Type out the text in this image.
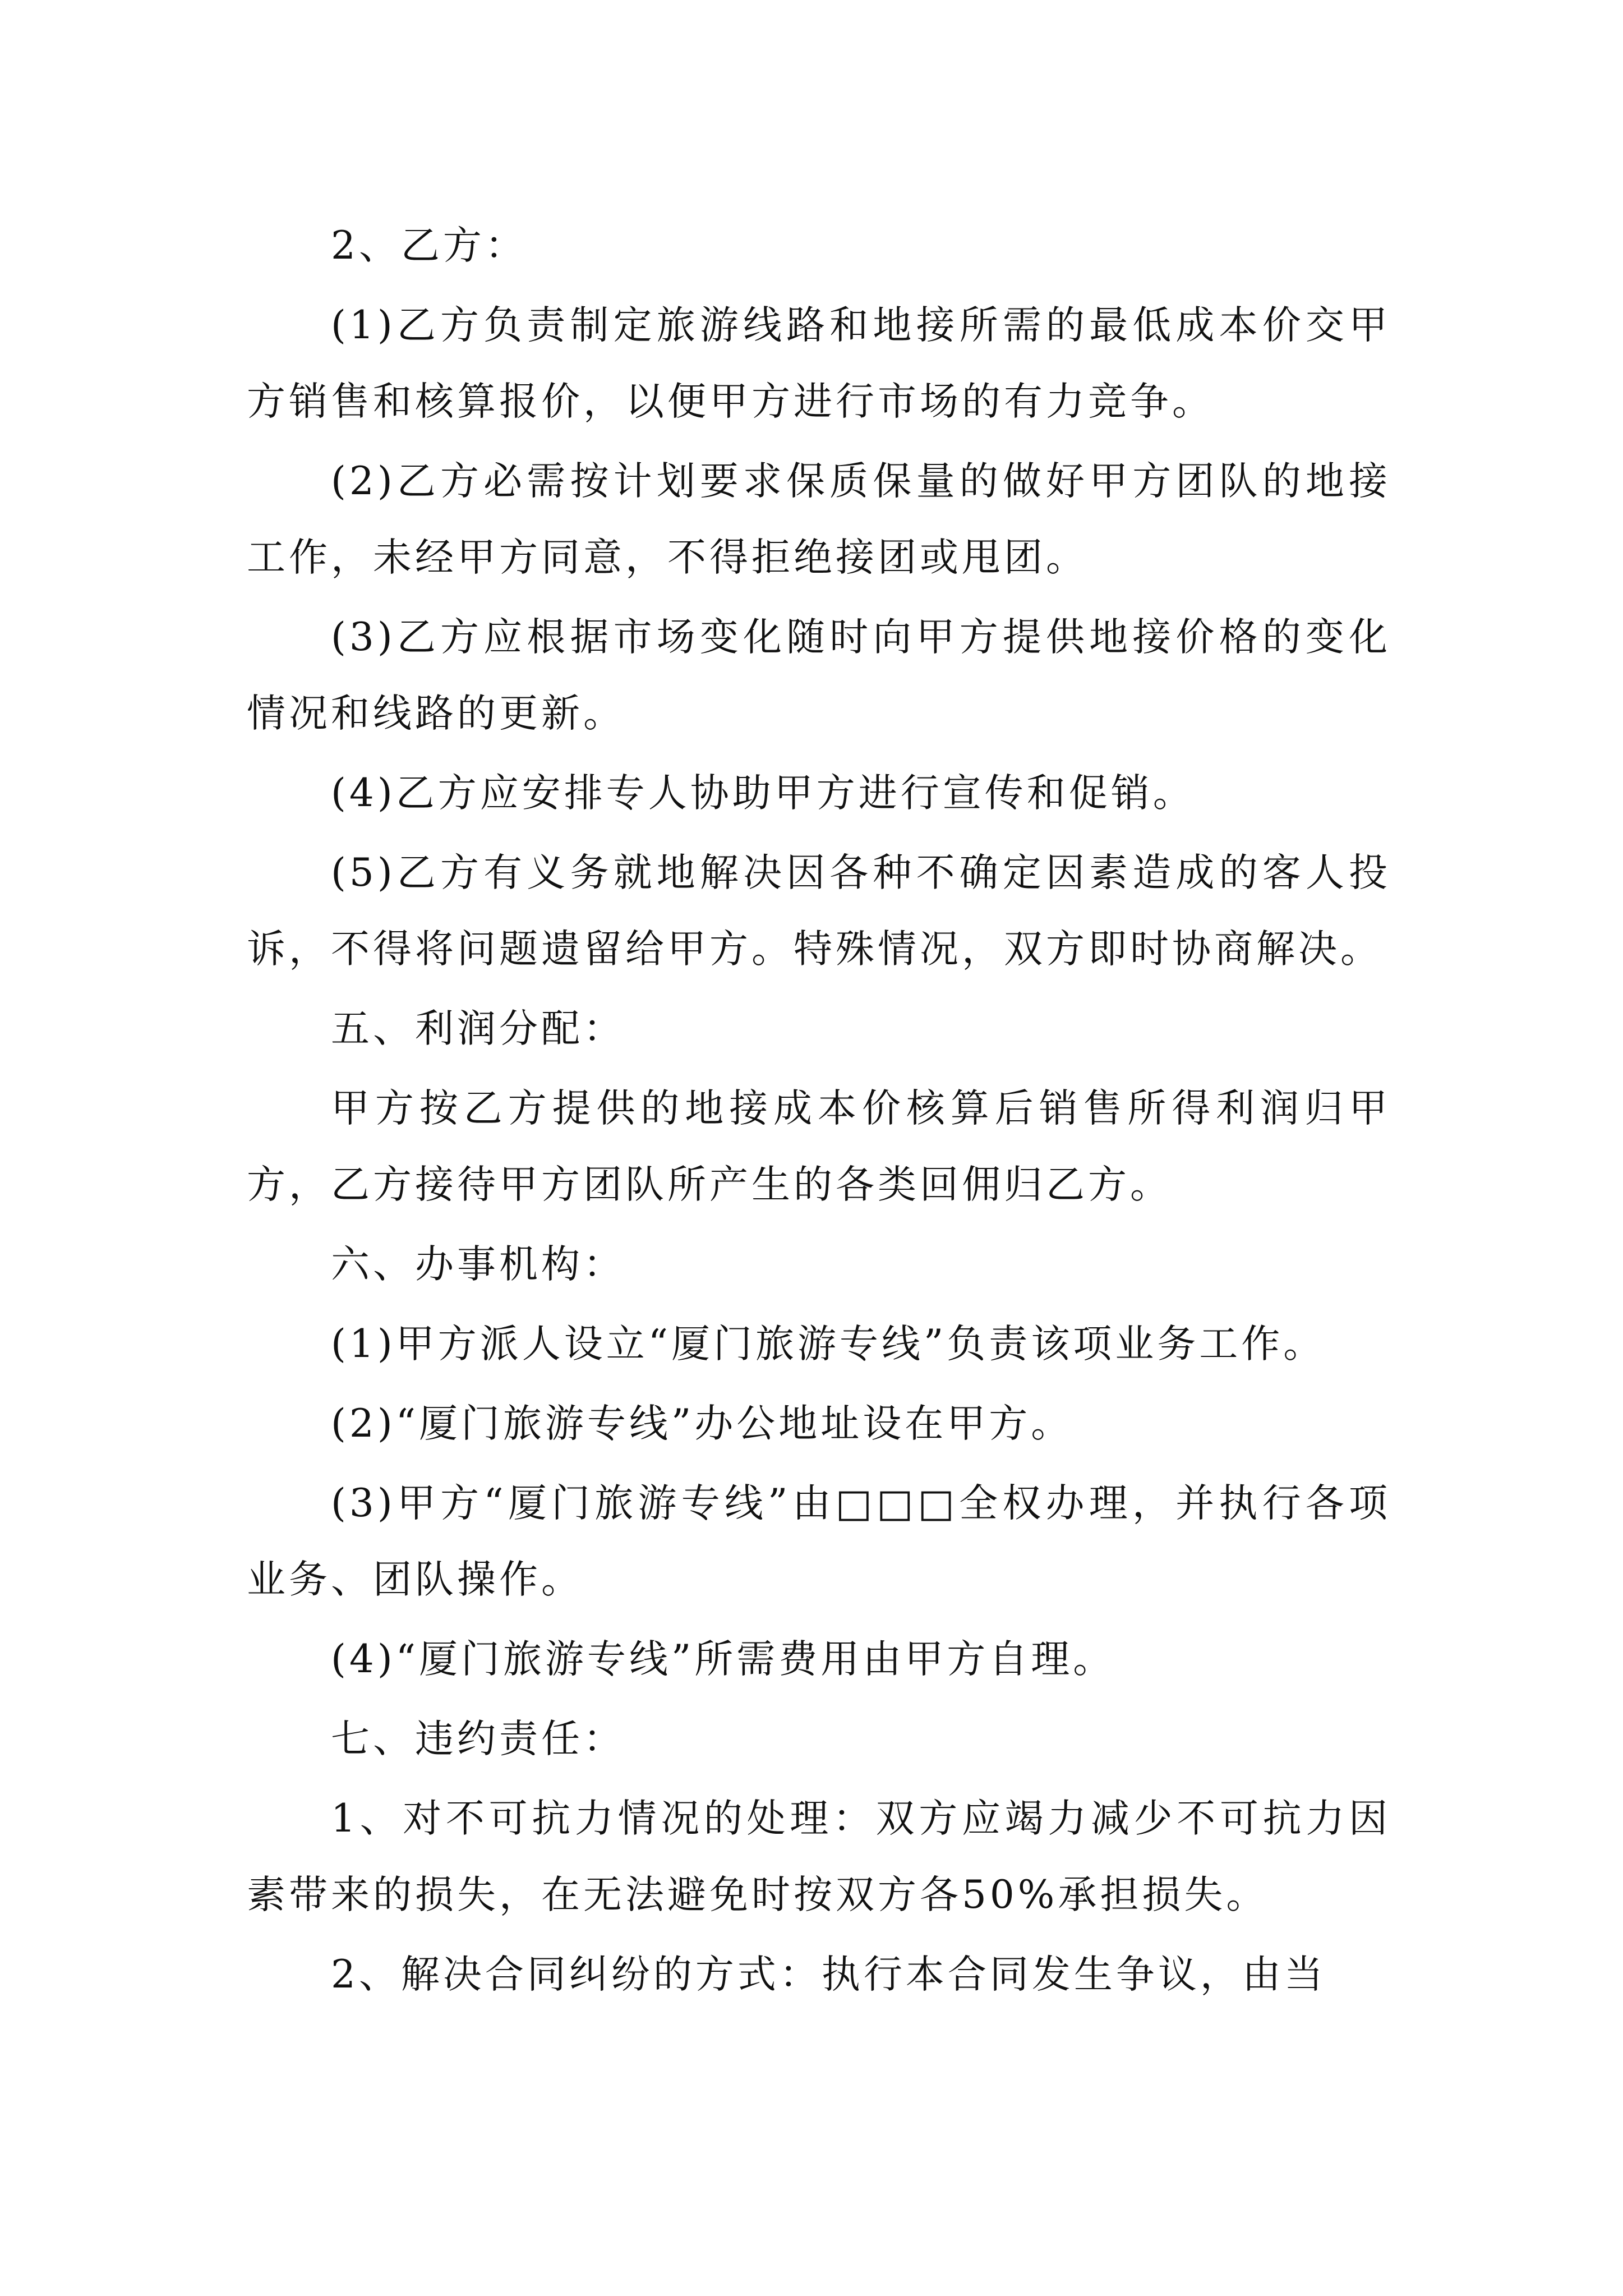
2、乙方：

(1)乙方负责制定旅游线路和地接所需的最低成本价交甲方销售和核算报价，以便甲方进行市场的有力竞争。

(2)乙方必需按计划要求保质保量的做好甲方团队的地接工作，未经甲方同意，不得拒绝接团或甩团。

(3)乙方应根据市场变化随时向甲方提供地接价格的变化情况和线路的更新。

(4)乙方应安排专人协助甲方进行宣传和促销。

(5)乙方有义务就地解决因各种不确定因素造成的客人投诉，不得将问题遗留给甲方。特殊情况，双方即时协商解决。

五、利润分配：

甲方按乙方提供的地接成本价核算后销售所得利润归甲方，乙方接待甲方团队所产生的各类回佣归乙方。

六、办事机构：

(1)甲方派人设立“厦门旅游专线”负责该项业务工作。

(2)“厦门旅游专线”办公地址设在甲方。

(3)甲方“厦门旅游专线”由□□□全权办理，并执行各项业务、团队操作。

(4)“厦门旅游专线”所需费用由甲方自理。

七、违约责任：

1、对不可抗力情况的处理：双方应竭力减少不可抗力因素带来的损失，在无法避免时按双方各50%承担损失。

2、解决合同纠纷的方式：执行本合同发生争议，由当
